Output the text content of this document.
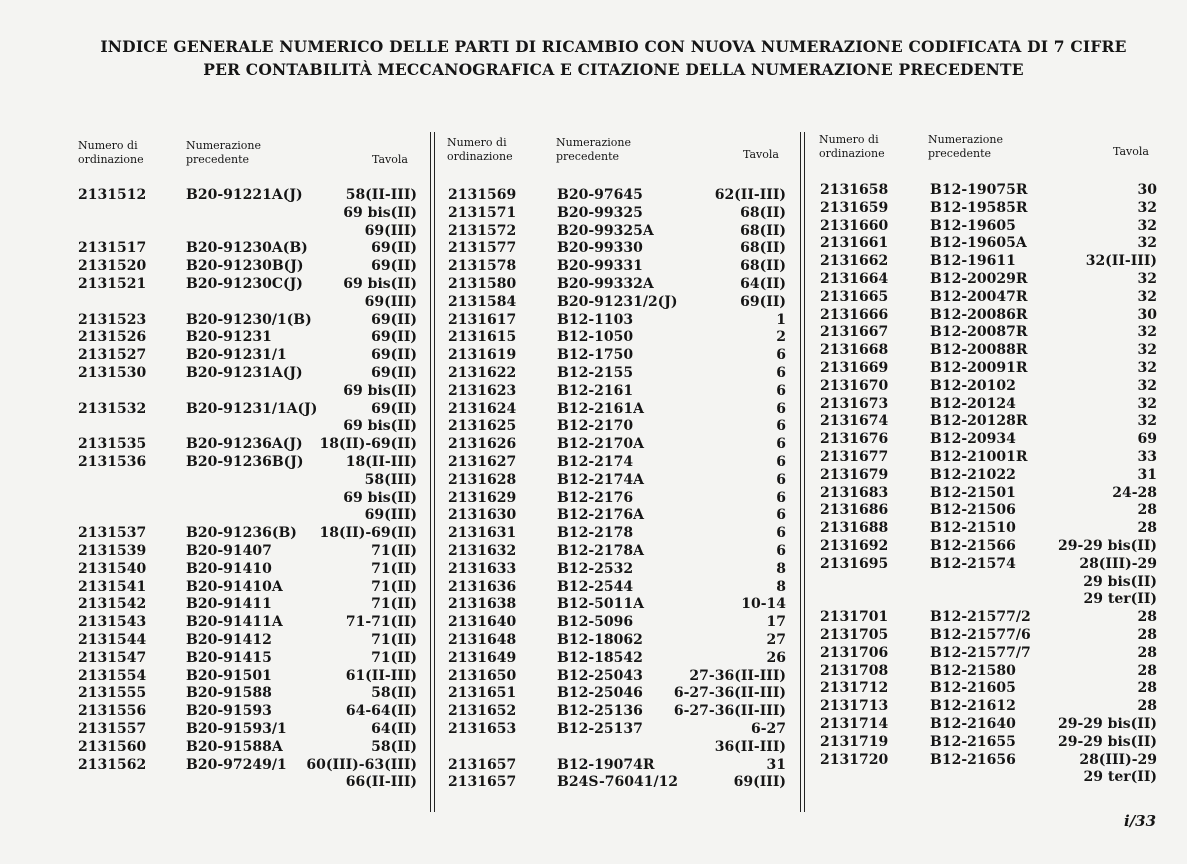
INDICE GENERALE NUMERICO DELLE PARTI DI RICAMBIO CON NUOVA NUMERAZIONE CODIFICATA DI 7 CIFRE
PER CONTABILITÀ MECCANOGRAFICA E CITAZIONE DELLA NUMERAZIONE PRECEDENTE
Numero di
ordinazione
Numerazione
precedente	Tavola
2131512	B20-91221A(J)	58(II-III)
69 bis(II)
69(III)
2131517	B20-91230A(B)	69(II)
2131520	B20-91230B(J)	69(II)
2131521	B20-91230C(J)	69 bis(II)
69(III)
2131523	B20-91230/1(B)	69(II)
2131526	B20-91231	69(II)
2131527	B20-91231/1	69(II)
2131530	B20-91231A(J)	69(II)
69 bis(II)
2131532	B20-91231/1A(J)	69(II)
69 bis(II)
2131535	B20-91236A(J) 18(II)-69(II)
2131536	B20-91236B(J)	18(II-III)
58(III)
69 bis(II)
69(III)
2131537	B20-91236(B) 18(II)-69(II)
2131539	B20-91407	71(II)
2131540	B20-91410	71(II)
2131541	B20-91410A	71(II)
2131542	B20-91411	71(II)
2131543	B20-91411A	71-71(II)
2131544	B20-91412	71(II)
2131547	B20-91415	71(II)
2131554	B20-91501	61(II-III)
2131555	B20-91588	58(II)
2131556	B20-91593	64-64(II)
2131557	B20-91593/1	64(II)
2131560	B20-91588A	58(II)
2131562	B20-97249/1 60(III)-63(III)
66(II-III)
Numero di
ordinazione
Numerazione
precedente	Tavola
2131569	B20-97645	62(II-III)
2131571	B20-99325	68(II)
2131572	B20-99325A	68(II)
2131577	B20-99330	68(II)
2131578	B20-99331	68(II)
2131580	B20-99332A	64(II)
2131584	B20-91231/2(J)	69(II)
2131617	B12-1103	1
2131615	B12-1050	2
2131619	B12-1750	6
2131622	B12-2155	6
2131623	B12-2161	6
2131624	B12-2161A	6
2131625	B12-2170	6
2131626	B12-2170A	6
2131627	B12-2174	6
2131628	B12-2174A	6
2131629	B12-2176	6
2131630	B12-2176A	6
2131631	B12-2178	6
2131632	B12-2178A	6
2131633	B12-2532	8
2131636	B12-2544	8
2131638	B12-5011A	10-14
2131640	B12-5096	17
2131648	B12-18062	27
2131649	B12-18542	26
2131650	B12-25043	27-36(II-III)
2131651	B12-25046 6-27-36(II-III)
2131652	B12-25136 6-27-36(II-III)
2131653	B12-25137	6-27
36(II-III)
2131657	B12-19074R	31
2131657	B24S-76041/12	69(III)
Numero di
ordinazione
Numerazione
precedente	Tavola
2131658	B12-19075R	30
2131659	B12-19585R	32
2131660	B12-19605	32
2131661	B12-19605A	32
2131662	B12-19611	32(II-III)
2131664	B12-20029R	32
2131665	B12-20047R	32
2131666	B12-20086R	30
2131667	B12-20087R	32
2131668	B12-20088R	32
2131669	B12-20091R	32
2131670	B12-20102	32
2131673	B12-20124	32
2131674	B12-20128R	32
2131676	B12-20934	69
2131677	B12-21001R	33
2131679	B12-21022	31
2131683	B12-21501	24-28
2131686	B12-21506	28
2131688	B12-21510	28
2131692	B12-21566	29-29 bis(II)
2131695	B12-21574	28(III)-29
29 bis(II)
29 ter(II)
2131701	B12-21577/2	28
2131705	B12-21577/6	28
2131706	B12-21577/7	28
2131708	B12-21580	28
2131712	B12-21605	28
2131713	B12-21612	28
2131714	B12-21640	29-29 bis(II)
2131719	B12-21655	29-29 bis(II)
2131720	B12-21656	28(III)-29
29 ter(II)
i/33
